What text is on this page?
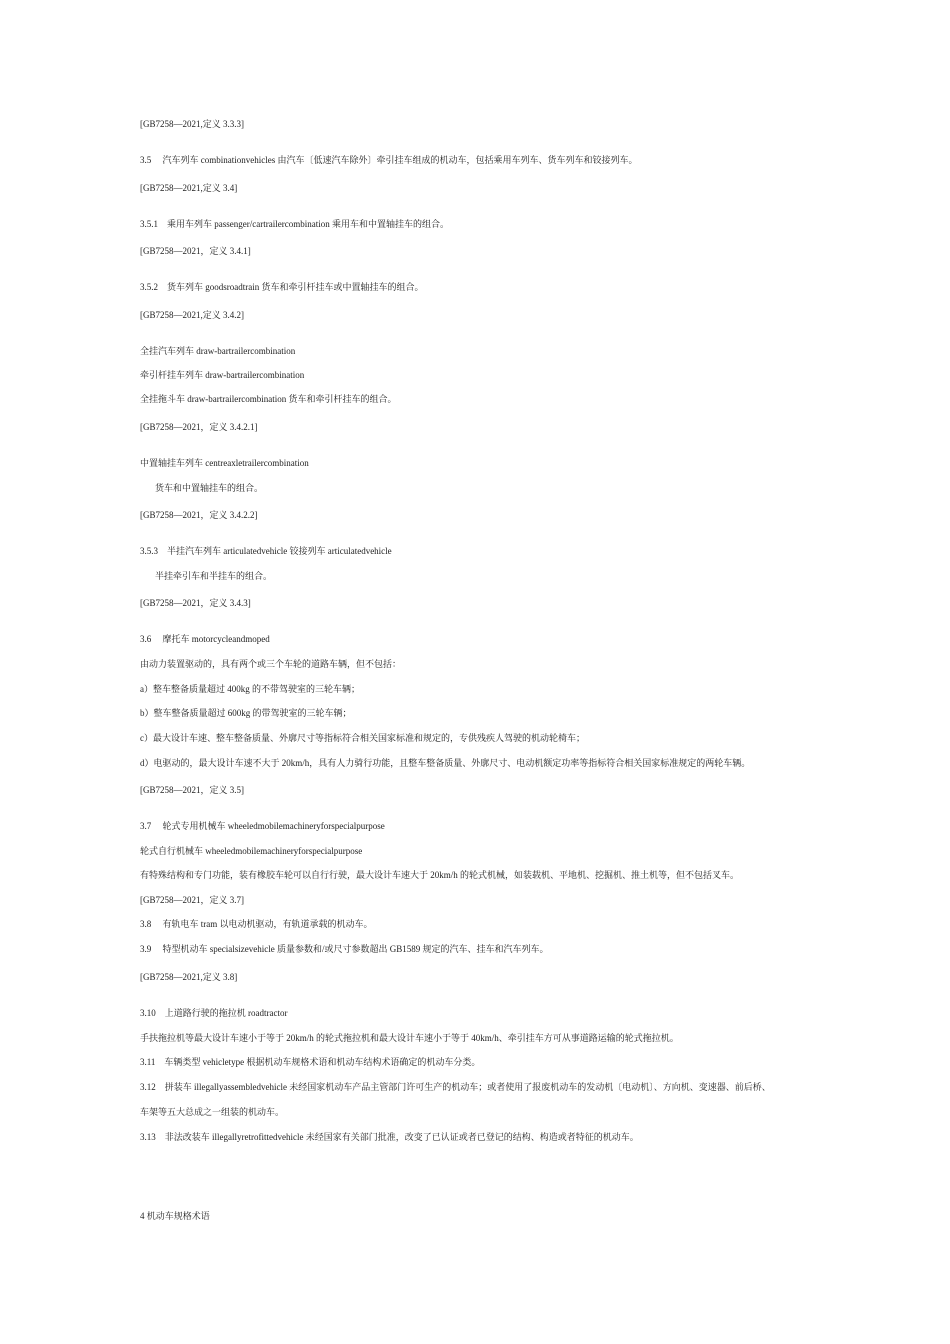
[GB7258—2021,定义 3.3.3]
3.5　 汽车列车 combinationvehicles 由汽车〔低速汽车除外〕牵引挂车组成的机动车，包括乘用车列车、货车列车和铰接列车。
[GB7258—2021,定义 3.4]
3.5.1　乘用车列车 passenger/cartrailercombination 乘用车和中置轴挂车的组合。
[GB7258—2021，定义 3.4.1]
3.5.2　货车列车 goodsroadtrain 货车和牵引杆挂车或中置轴挂车的组合。
[GB7258—2021,定义 3.4.2]
全挂汽车列车 draw-bartrailercombination
牵引杆挂车列车 draw-bartrailercombination
全挂拖斗车 draw-bartrailercombination 货车和牵引杆挂车的组合。
[GB7258—2021，定义 3.4.2.1]
中置轴挂车列车 centreaxletrailercombination
货车和中置轴挂车的组合。
[GB7258—2021，定义 3.4.2.2]
3.5.3　半挂汽车列车 articulatedvehicle 铰接列车 articulatedvehicle
半挂牵引车和半挂车的组合。
[GB7258—2021，定义 3.4.3]
3.6　 摩托车 motorcycleandmoped
由动力装置驱动的，具有两个或三个车轮的道路车辆，但不包括：
a）整车整备质量超过 400kg 的不带驾驶室的三轮车辆；
b）整车整备质量超过 600kg 的带驾驶室的三轮车辆；
c）最大设计车速、整车整备质量、外廓尺寸等指标符合相关国家标准和规定的，专供残疾人驾驶的机动轮椅车；
d）电驱动的，最大设计车速不大于 20km/h，具有人力骑行功能，且整车整备质量、外廓尺寸、电动机额定功率等指标符合相关国家标准规定的两轮车辆。
[GB7258—2021，定义 3.5]
3.7　 轮式专用机械车 wheeledmobilemachineryforspecialpurpose
轮式自行机械车 wheeledmobilemachineryforspecialpurpose
有特殊结构和专门功能，装有橡胶车轮可以自行行驶，最大设计车速大于 20km/h 的轮式机械，如装载机、平地机、挖掘机、推土机等，但不包括叉车。
[GB7258—2021，定义 3.7]
3.8　 有轨电车 tram 以电动机驱动，有轨道承载的机动车。
3.9　 特型机动车 specialsizevehicle 质量参数和/或尺寸参数超出 GB1589 规定的汽车、挂车和汽车列车。
[GB7258—2021,定义 3.8]
3.10　上道路行驶的拖拉机 roadtractor
手扶拖拉机等最大设计车速小于等于 20km/h 的轮式拖拉机和最大设计车速小于等于 40km/h、牵引挂车方可从事道路运输的轮式拖拉机。
3.11　车辆类型 vehicletype 根据机动车规格术语和机动车结构术语确定的机动车分类。
3.12　拼装车 illegallyassembledvehicle 未经国家机动车产品主管部门许可生产的机动车；或者使用了报废机动车的发动机〔电动机〕、方向机、变速器、前后桥、
车架等五大总成之一组装的机动车。
3.13　非法改装车 illegallyretrofittedvehicle 未经国家有关部门批准，改变了已认证或者已登记的结构、构造或者特征的机动车。
4 机动车规格术语
